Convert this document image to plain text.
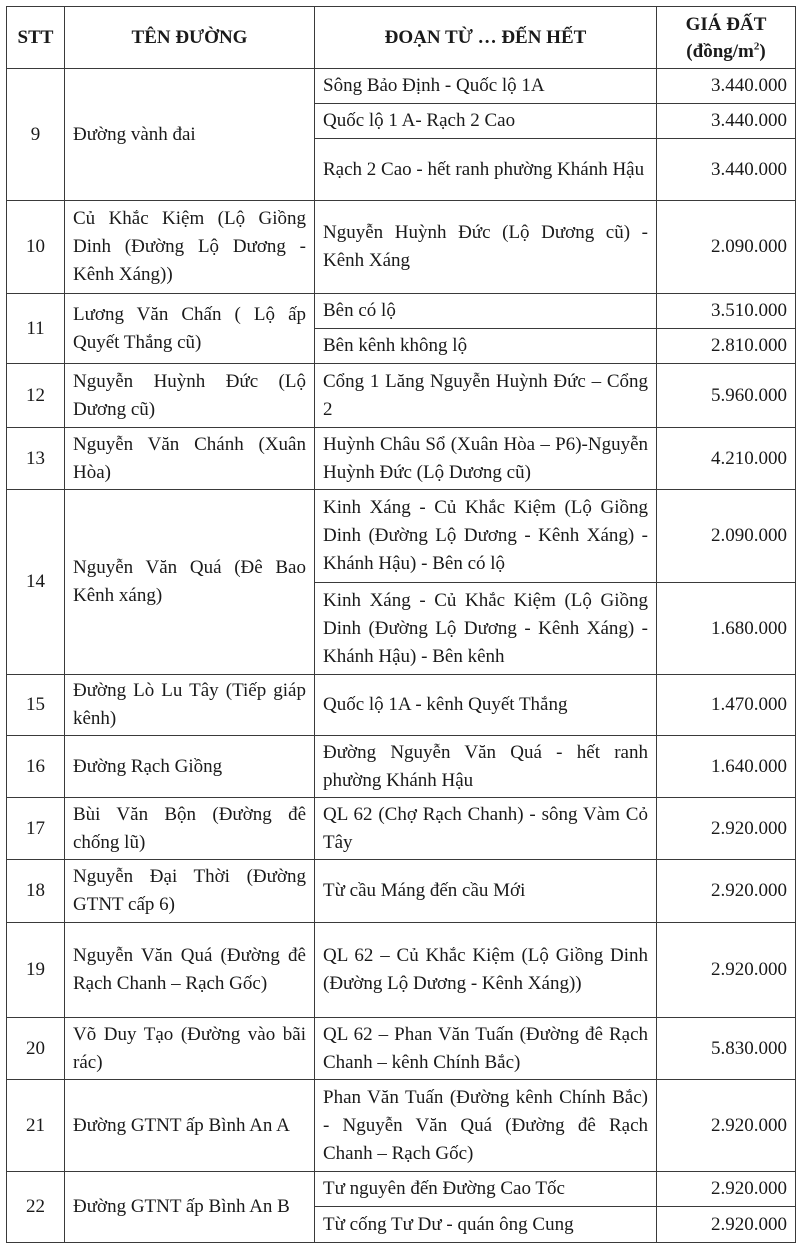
STT	TÊN ĐƯỜNG	ĐOẠN TỪ … ĐẾN HẾT	GIÁ ĐẤT
$(đồng/m^2)$
9	Đường vành đai	Sông Bảo Định - Quốc lộ 1A	3.440.000
		Quốc lộ 1 A- Rạch 2 Cao	3.440.000
		Rạch 2 Cao - hết ranh phường Khánh Hậu	3.440.000
10	Củ Khắc Kiệm (Lộ Giồng Dinh (Đường Lộ Dương - Kênh Xáng))	Nguyễn Huỳnh Đức (Lộ Dương cũ) - Kênh Xáng	2.090.000
11	Lương Văn Chấn ( Lộ ấp Quyết Thắng cũ)	Bên có lộ	3.510.000
		Bên kênh không lộ	2.810.000
12	Nguyễn Huỳnh Đức (Lộ Dương cũ)	Cổng 1 Lăng Nguyễn Huỳnh Đức – Cổng 2	5.960.000
13	Nguyễn Văn Chánh (Xuân Hòa)	Huỳnh Châu Sổ (Xuân Hòa – P6)-Nguyễn Huỳnh Đức (Lộ Dương cũ)	4.210.000
14	Nguyễn Văn Quá (Đê Bao Kênh xáng)	Kinh Xáng - Củ Khắc Kiệm (Lộ Giồng Dinh (Đường Lộ Dương - Kênh Xáng) - Khánh Hậu) - Bên có lộ	2.090.000
		Kinh Xáng - Củ Khắc Kiệm (Lộ Giồng Dinh (Đường Lộ Dương - Kênh Xáng) - Khánh Hậu) - Bên kênh	1.680.000
15	Đường Lò Lu Tây (Tiếp giáp kênh)	Quốc lộ 1A - kênh Quyết Thắng	1.470.000
16	Đường Rạch Giồng	Đường Nguyễn Văn Quá - hết ranh phường Khánh Hậu	1.640.000
17	Bùi Văn Bộn (Đường đê chống lũ)	QL 62 (Chợ Rạch Chanh) - sông Vàm Cỏ Tây	2.920.000
18	Nguyễn Đại Thời (Đường GTNT cấp 6)	Từ cầu Máng đến cầu Mới	2.920.000
19	Nguyễn Văn Quá (Đường đê Rạch Chanh – Rạch Gốc)	QL 62 – Củ Khắc Kiệm (Lộ Giồng Dinh (Đường Lộ Dương - Kênh Xáng))	2.920.000
20	Võ Duy Tạo (Đường vào bãi rác)	QL 62 – Phan Văn Tuấn (Đường đê Rạch Chanh – kênh Chính Bắc)	5.830.000
21	Đường GTNT ấp Bình An A	Phan Văn Tuấn (Đường kênh Chính Bắc) - Nguyễn Văn Quá (Đường đê Rạch Chanh – Rạch Gốc)	2.920.000
22	Đường GTNT ấp Bình An B	Tư nguyên đến Đường Cao Tốc	2.920.000
		Từ cống Tư Dư - quán ông Cung	2.920.000
